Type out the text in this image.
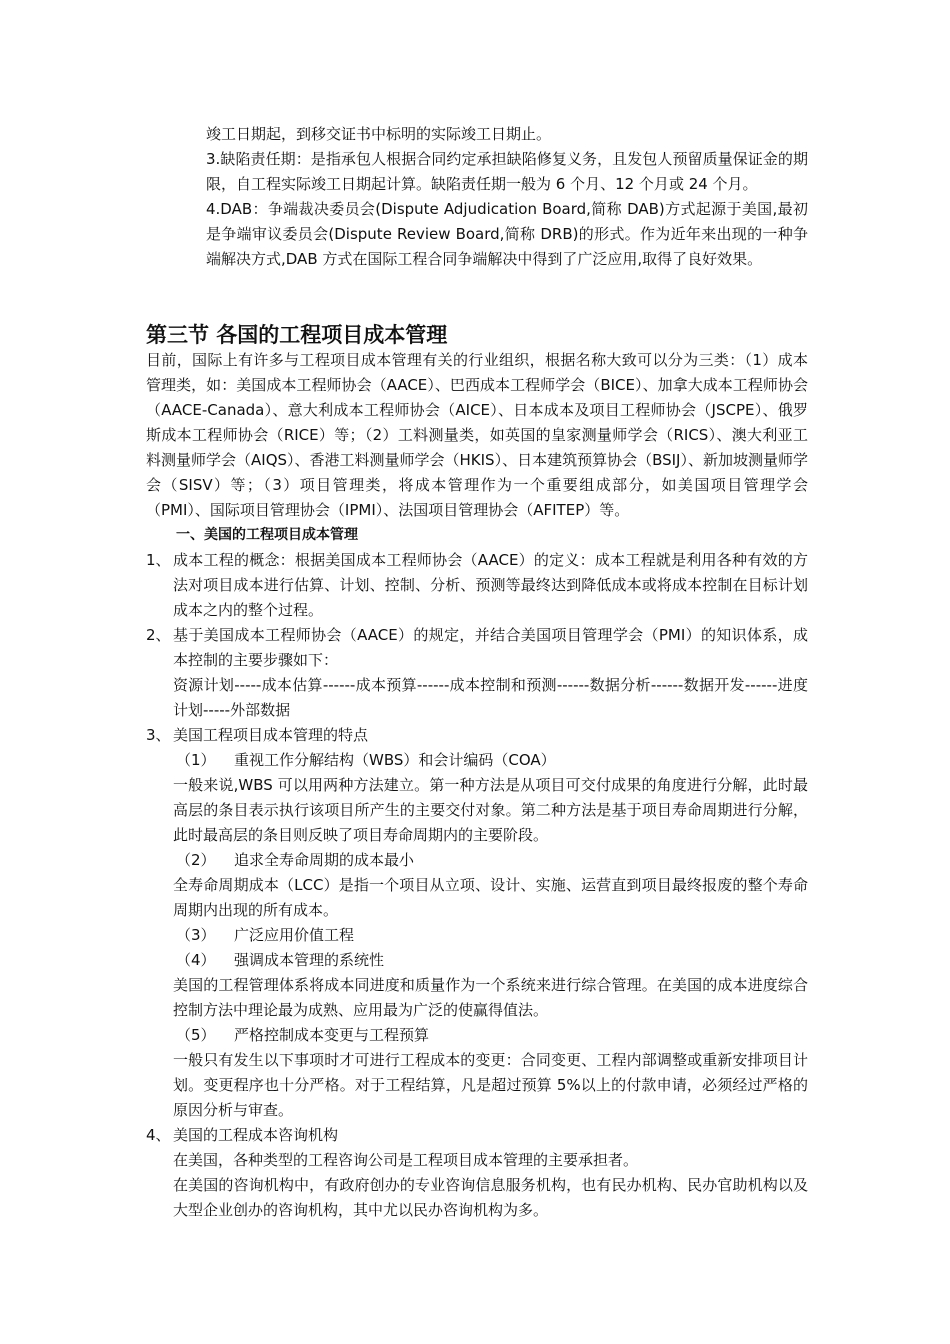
竣工日期起，到移交证书中标明的实际竣工日期止。

3.缺陷责任期：是指承包人根据合同约定承担缺陷修复义务，且发包人预留质量保证金的期限，自工程实际竣工日期起计算。缺陷责任期一般为 6 个月、12 个月或 24 个月。

4.DAB：争端裁决委员会(Dispute Adjudication Board,简称 DAB)方式起源于美国,最初是争端审议委员会(Dispute Review Board,简称 DRB)的形式。作为近年来出现的一种争端解决方式,DAB 方式在国际工程合同争端解决中得到了广泛应用,取得了良好效果。

第三节 各国的工程项目成本管理

目前，国际上有许多与工程项目成本管理有关的行业组织，根据名称大致可以分为三类：（1）成本管理类，如：美国成本工程师协会（AACE）、巴西成本工程师学会（BICE）、加拿大成本工程师协会（AACE-Canada）、意大利成本工程师协会（AICE）、日本成本及项目工程师协会（JSCPE）、俄罗斯成本工程师协会（RICE）等；（2）工料测量类，如英国的皇家测量师学会（RICS）、澳大利亚工料测量师学会（AIQS）、香港工料测量师学会（HKIS）、日本建筑预算协会（BSIJ）、新加坡测量师学会（SISV）等；（3）项目管理类，将成本管理作为一个重要组成部分，如美国项目管理学会（PMI）、国际项目管理协会（IPMI）、法国项目管理协会（AFITEP）等。

一、美国的工程项目成本管理
1、 成本工程的概念：根据美国成本工程师协会（AACE）的定义：成本工程就是利用各种有效的方法对项目成本进行估算、计划、控制、分析、预测等最终达到降低成本或将成本控制在目标计划成本之内的整个过程。

2、 基于美国成本工程师协会（AACE）的规定，并结合美国项目管理学会（PMI）的知识体系，成本控制的主要步骤如下：

资源计划-----成本估算------成本预算------成本控制和预测------数据分析------数据开发------进度计划-----外部数据

3、 美国工程项目成本管理的特点

（1） 重视工作分解结构（WBS）和会计编码（COA）

一般来说,WBS 可以用两种方法建立。第一种方法是从项目可交付成果的角度进行分解，此时最高层的条目表示执行该项目所产生的主要交付对象。第二种方法是基于项目寿命周期进行分解，此时最高层的条目则反映了项目寿命周期内的主要阶段。

（2） 追求全寿命周期的成本最小

全寿命周期成本（LCC）是指一个项目从立项、设计、实施、运营直到项目最终报废的整个寿命周期内出现的所有成本。

（3） 广泛应用价值工程
（4） 强调成本管理的系统性

美国的工程管理体系将成本同进度和质量作为一个系统来进行综合管理。在美国的成本进度综合控制方法中理论最为成熟、应用最为广泛的使赢得值法。

（5） 严格控制成本变更与工程预算

一般只有发生以下事项时才可进行工程成本的变更：合同变更、工程内部调整或重新安排项目计划。变更程序也十分严格。对于工程结算，凡是超过预算 5%以上的付款申请，必须经过严格的原因分析与审查。

4、 美国的工程成本咨询机构

在美国，各种类型的工程咨询公司是工程项目成本管理的主要承担者。

在美国的咨询机构中，有政府创办的专业咨询信息服务机构，也有民办机构、民办官助机构以及大型企业创办的咨询机构，其中尤以民办咨询机构为多。
